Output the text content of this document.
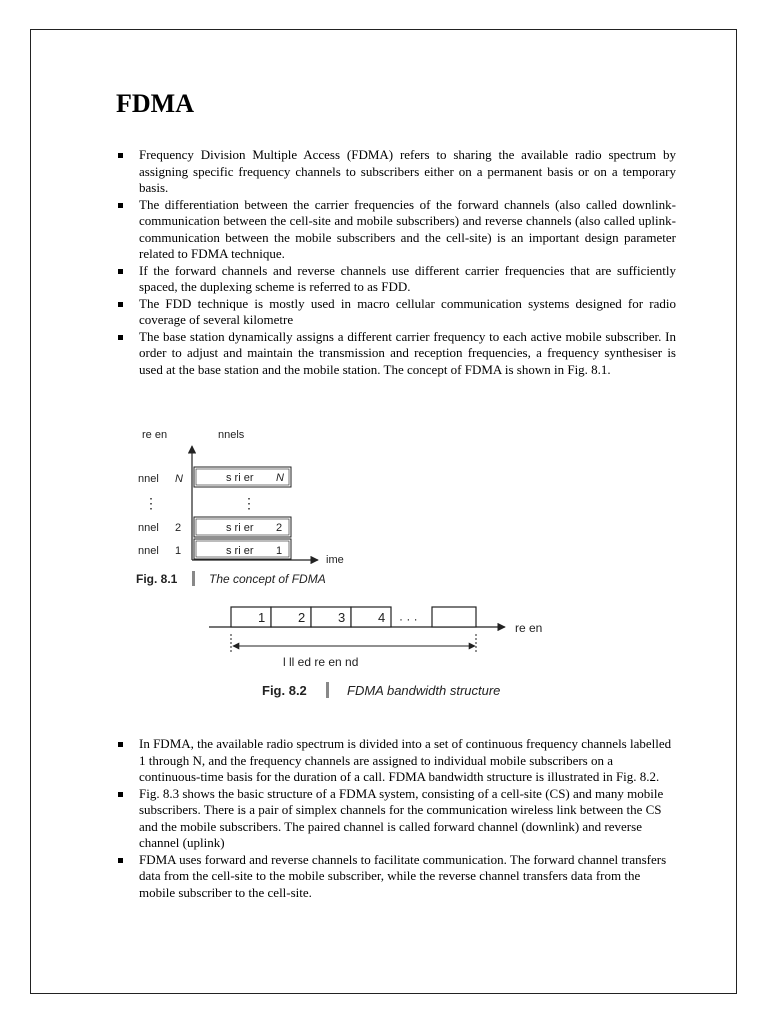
FDMA
Frequency Division Multiple Access (FDMA) refers to sharing the available radio spectrum by assigning specific frequency channels to subscribers either on a permanent basis or on a temporary basis.
The differentiation between the carrier frequencies of the forward channels (also called downlink-communication between the cell-site and mobile subscribers) and reverse channels (also called uplink-communication between the mobile subscribers and the cell-site) is an important design parameter related to FDMA technique.
If the forward channels and reverse channels use different carrier frequencies that are sufficiently spaced, the duplexing scheme is referred to as FDD.
The FDD technique is mostly used in macro cellular communication systems designed for radio coverage of several kilometre
The base station dynamically assigns a different carrier frequency to each active mobile subscriber. In order to adjust and maintain the transmission and reception frequencies, a frequency synthesiser is used at the base station and the mobile station. The concept of FDMA is shown in Fig. 8.1.
re en	nnels
ime
nnel N	s ri er N
⋮	⋮
nnel 2	s ri er 2
nnel 1	s ri er 1
Fig. 8.1	The concept of FDMA
1	2	3	4 · · ·
re en
l ll ed re en nd
Fig. 8.2	FDMA bandwidth structure
In FDMA, the available radio spectrum is divided into a set of continuous frequency channels labelled 1 through N, and the frequency channels are assigned to individual mobile subscribers on a continuous-time basis for the duration of a call. FDMA bandwidth structure is illustrated in Fig. 8.2.
Fig. 8.3 shows the basic structure of a FDMA system, consisting of a cell-site (CS) and many mobile subscribers. There is a pair of simplex channels for the communication wireless link between the CS and the mobile subscribers. The paired channel is called forward channel (downlink) and reverse channel (uplink)
FDMA uses forward and reverse channels to facilitate communication. The forward channel transfers data from the cell-site to the mobile subscriber, while the reverse channel transfers data from the mobile subscriber to the cell-site.
